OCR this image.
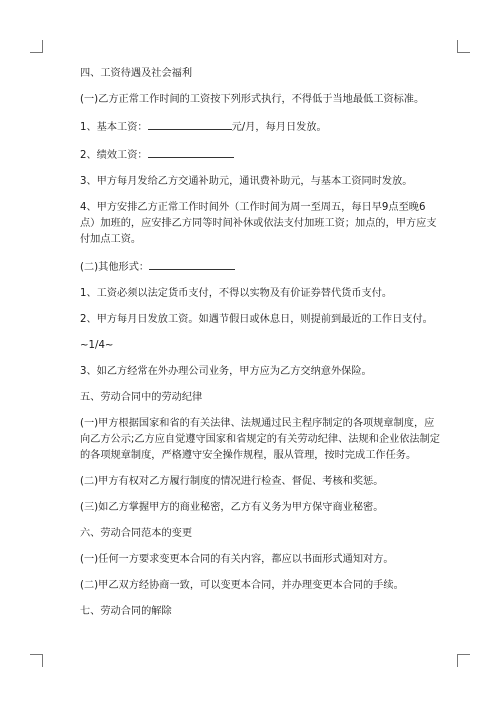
四、工资待遇及社会福利

(一)乙方正常工作时间的工资按下列形式执行，不得低于当地最低工资标准。

1、基本工资：	元/月，每月日发放。

2、绩效工资：

3、甲方每月发给乙方交通补助元，通讯费补助元，与基本工资同时发放。

4、甲方安排乙方正常工作时间外（工作时间为周一至周五，每日早9点至晚6点）加班的，应安排乙方同等时间补休或依法支付加班工资；加点的，甲方应支付加点工资。

(二)其他形式：

1、工资必须以法定货币支付，不得以实物及有价证券替代货币支付。

2、甲方每月日发放工资。如遇节假日或休息日，则提前到最近的工作日支付。

~1/4~

3、如乙方经常在外办理公司业务，甲方应为乙方交纳意外保险。

五、劳动合同中的劳动纪律

(一)甲方根据国家和省的有关法律、法规通过民主程序制定的各项规章制度，应向乙方公示;乙方应自觉遵守国家和省规定的有关劳动纪律、法规和企业依法制定的各项规章制度，严格遵守安全操作规程，服从管理，按时完成工作任务。

(二)甲方有权对乙方履行制度的情况进行检查、督促、考核和奖惩。

(三)如乙方掌握甲方的商业秘密，乙方有义务为甲方保守商业秘密。

六、劳动合同范本的变更

(一)任何一方要求变更本合同的有关内容，都应以书面形式通知对方。

(二)甲乙双方经协商一致，可以变更本合同，并办理变更本合同的手续。

七、劳动合同的解除
